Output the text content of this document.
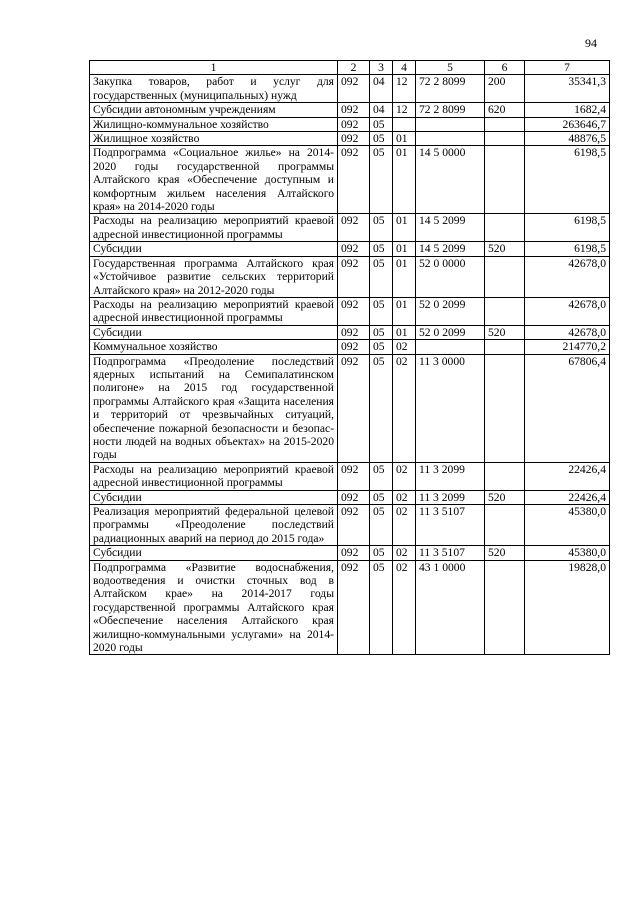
94
1	2	3	4	5	6	7
Закупка товаров, работ и услуг для государственных (муниципальных) нужд	092	04	12	72 2 8099	200	35341,3
Субсидии автономным учреждениям	092	04	12	72 2 8099	620	1682,4
Жилищно-коммунальное хозяйство	092	05				263646,7
Жилищное хозяйство	092	05	01			48876,5
Подпрограмма «Социальное жилье» на 2014-2020 годы государственной программы Алтайского края «Обеспечение доступным и комфортным жильем населения Алтайского края» на 2014-2020 годы	092	05	01	14 5 0000		6198,5
Расходы на реализацию мероприятий краевой адресной инвестиционной программы	092	05	01	14 5 2099		6198,5
Субсидии	092	05	01	14 5 2099	520	6198,5
Государственная программа Алтайского края «Устойчивое развитие сельских территорий Алтайского края» на 2012-2020 годы	092	05	01	52 0 0000		42678,0
Расходы на реализацию мероприятий краевой адресной инвестиционной программы	092	05	01	52 0 2099		42678,0
Субсидии	092	05	01	52 0 2099	520	42678,0
Коммунальное хозяйство	092	05	02			214770,2
Подпрограмма «Преодоление последствий ядерных испытаний на Семипалатинском полигоне» на 2015 год государственной программы Алтайского края «Защита населения и территорий от чрезвычайных ситуаций, обеспечение пожарной безопасности и безопасности людей на водных объектах» на 2015-2020 годы	092	05	02	11 3 0000		67806,4
Расходы на реализацию мероприятий краевой адресной инвестиционной программы	092	05	02	11 3 2099		22426,4
Субсидии	092	05	02	11 3 2099	520	22426,4
Реализация мероприятий федеральной целевой программы «Преодоление последствий радиационных аварий на период до 2015 года»	092	05	02	11 3 5107		45380,0
Субсидии	092	05	02	11 3 5107	520	45380,0
Подпрограмма «Развитие водоснабжения, водоотведения и очистки сточных вод в Алтайском крае» на 2014-2017 годы государственной программы Алтайского края «Обеспечение населения Алтайского края жилищно-коммунальными услугами» на 2014-2020 годы	092	05	02	43 1 0000		19828,0
